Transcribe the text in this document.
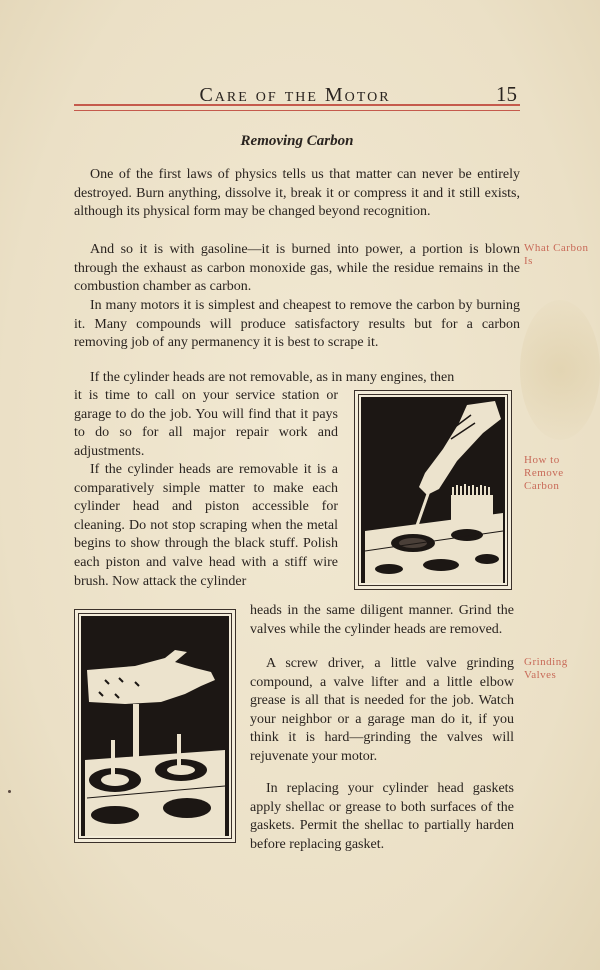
Care of the Motor	15
Removing Carbon

One of the first laws of physics tells us that matter can never be entirely destroyed. Burn anything, dissolve it, break it or compress it and it still exists, although its physical form may be changed beyond recognition.

And so it is with gasoline—it is burned into power, a portion is blown through the exhaust as carbon monoxide gas, while the residue remains in the combustion chamber as carbon.

In many motors it is simplest and cheapest to remove the carbon by burning it. Many compounds will produce satisfactory results but for a carbon removing job of any permanency it is best to scrape it.

If the cylinder heads are not removable, as in many engines, then

it is time to call on your service station or garage to do the job. You will find that it pays to do so for all major repair work and adjustments.

If the cylinder heads are removable it is a comparatively simple matter to make each cylinder head and piston accessible for cleaning. Do not stop scraping when the metal begins to show through the black stuff. Polish each piston and valve head with a stiff wire brush. Now attack the cylinder

heads in the same diligent manner. Grind the valves while the cylinder heads are removed.

A screw driver, a little valve grinding compound, a valve lifter and a little elbow grease is all that is needed for the job. Watch your neighbor or a garage man do it, if you think it is hard—grinding the valves will rejuvenate your motor.

In replacing your cylinder head gaskets apply shellac or grease to both surfaces of the gaskets. Permit the shellac to partially harden before replacing gasket.

What Carbon Is
How to Remove Carbon
Grinding Valves
